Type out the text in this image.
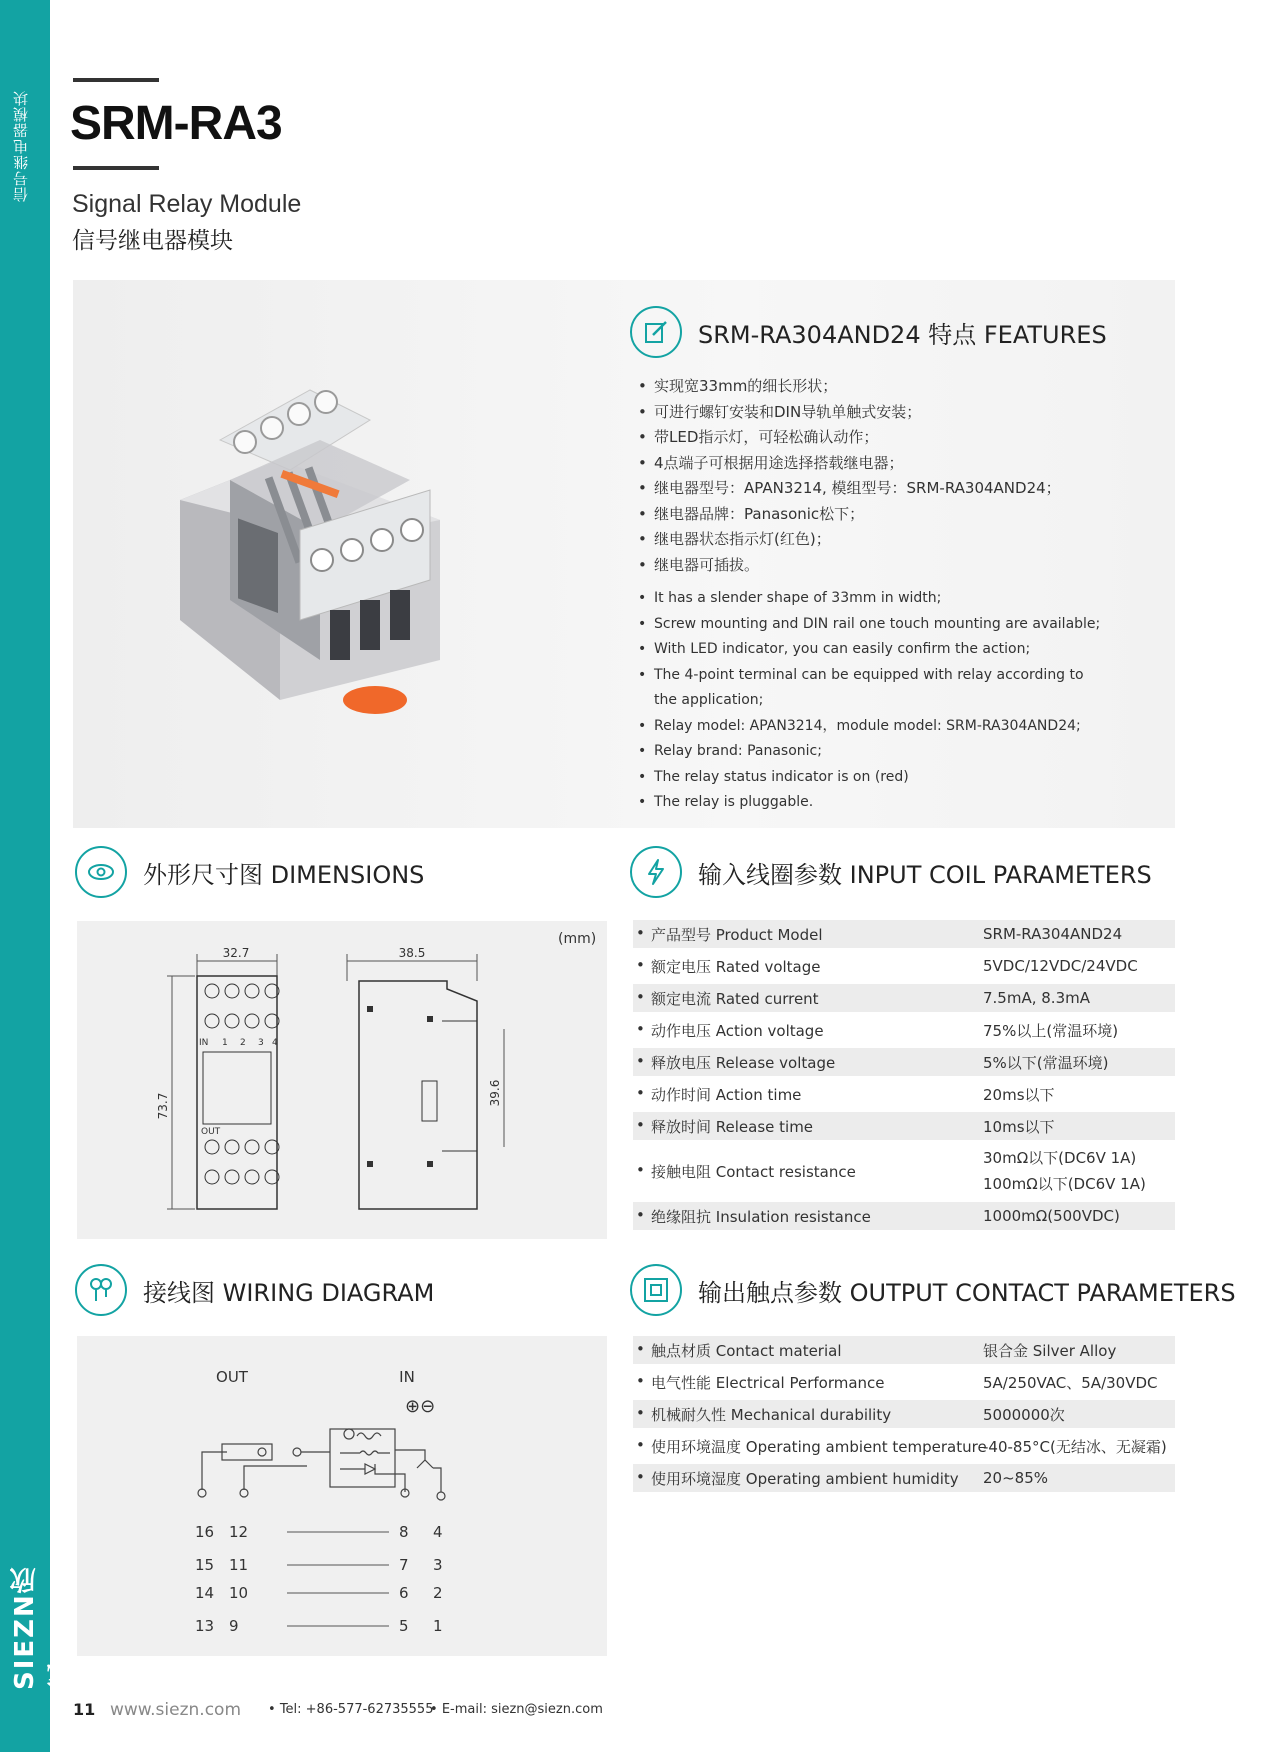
信号继电器模块
SIEZN欣成
SRM-RA3
Signal Relay Module
信号继电器模块
SRM-RA304AND24 特点 FEATURES
• 实现宽33mm的细长形状；
• 可进行螺钉安装和DIN导轨单触式安装；
• 带LED指示灯，可轻松确认动作；
• 4点端子可根据用途选择搭载继电器；
• 继电器型号：APAN3214, 模组型号：SRM-RA304AND24；
• 继电器品牌：Panasonic松下；
• 继电器状态指示灯(红色)；
• 继电器可插拔。
• It has a slender shape of 33mm in width;
• Screw mounting and DIN rail one touch mounting are available;
• With LED indicator, you can easily confirm the action;
• The 4-point terminal can be equipped with relay according to the application;
• Relay model: APAN3214，module model: SRM-RA304AND24;
• Relay brand: Panasonic;
• The relay status indicator is on (red)
• The relay is pluggable.
外形尺寸图 DIMENSIONS
(mm)
32.7
73.7
IN 1 2 3 4
OUT
38.5
39.6
输入线圈参数 INPUT COIL PARAMETERS
• 产品型号 Product Model	SRM-RA304AND24
• 额定电压 Rated voltage	5VDC/12VDC/24VDC
• 额定电流 Rated current	7.5mA, 8.3mA
• 动作电压 Action voltage	75%以上(常温环境)
• 释放电压 Release voltage	5%以下(常温环境)
• 动作时间 Action time	20ms以下
• 释放时间 Release time	10ms以下
• 接触电阻 Contact resistance
30mΩ以下(DC6V 1A)
100mΩ以下(DC6V 1A)
• 绝缘阻抗 Insulation resistance	1000mΩ(500VDC)
接线图 WIRING DIAGRAM
OUT	IN
⊕⊖
16 12	8 4
15 11	7 3
14 10	6 2
13 9	5 1
输出触点参数 OUTPUT CONTACT PARAMETERS
• 触点材质 Contact material	银合金 Silver Alloy
• 电气性能 Electrical Performance	5A/250VAC、5A/30VDC
• 机械耐久性 Mechanical durability	5000000次
• 使用环境温度 Operating ambient temperature
-40-85°C(无结冰、无凝霜)
• 使用环境湿度 Operating ambient humidity	20~85%
11 www.siezn.com • Tel: +86-577-62735555
• E-mail: siezn@siezn.com
